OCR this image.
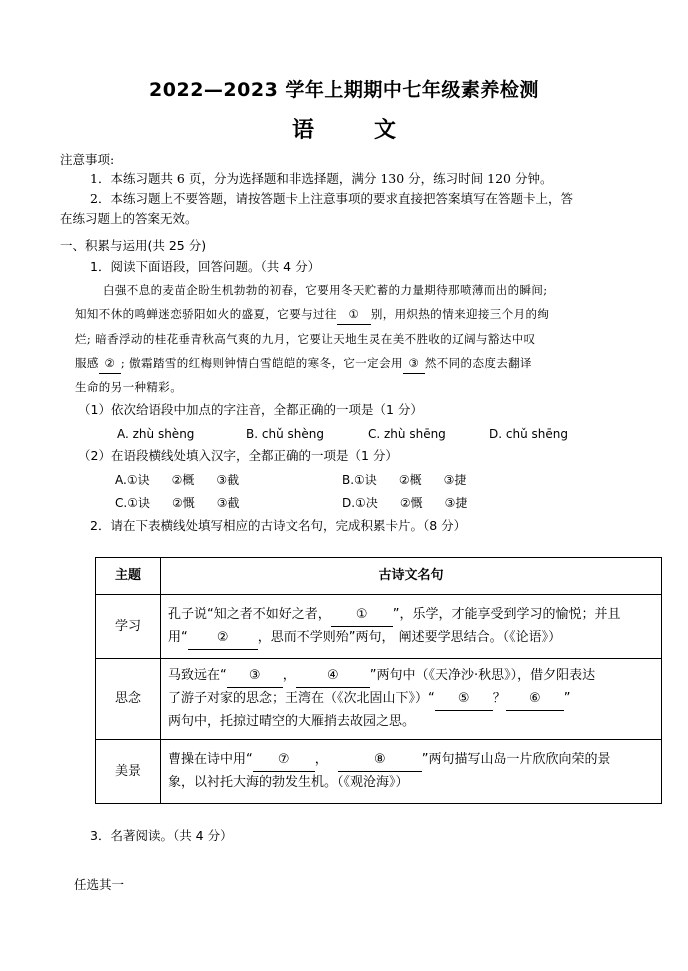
2022—2023 学年上期期中七年级素养检测
语	文
注意事项:
1．本练习题共 6 页，分为选择题和非选择题，满分 130 分，练习时间 120 分钟。
2．本练习题上不要答题，请按答题卡上注意事项的要求直接把答案填写在答题卡上，答
在练习题上的答案无效。
一、积累与运用(共 25 分)
1．阅读下面语段，回答问题。（共 4 分）
白强不息的麦苗企盼生机勃勃的初春，它要用冬天贮蓄的力量期待那喷薄而出的瞬间;
知知不休的鸣蝉迷恋骄阳如火的盛夏，它要与过往 ① 别，用炽热的情来迎接三个月的绚
烂; 暗香浮动的桂花垂青秋高气爽的九月，它要让天地生灵在美不胜收的辽阔与豁达中叹
服感 ② ; 傲霜踏雪的红梅则钟情白雪皑皑的寒冬，它一定会用 ③ 然不同的态度去翻译
生命的另一种精彩。
（1）依次给语段中加点的字注音，全都正确的一项是（1 分）
A. zhù shèng	B. chǔ shèng	C. zhù shēng	D. chǔ shēng
（2）在语段横线处填入汉字，全都正确的一项是（1 分）
A.①诀 ②概 ③截	B.①诀 ②概 ③捷
C.①诀 ②慨 ③截	D.①决 ②慨 ③捷
2．请在下表横线处填写相应的古诗文名句，完成积累卡片。（8 分）
主题	古诗文名句
学习	孔子说“知之者不如好之者， ① ”，乐学，才能享受到学习的愉悦；并且
用“ ② ，思而不学则殆”两句， 阐述要学思结合。（《论语》）
思念	马致远在“ ③ ， ④ ”两句中（《天净沙·秋思》），借夕阳表达
了游子对家的思念；王湾在（《次北固山下》）“ ⑤ ？ ⑥ ”
两句中，托掠过晴空的大雁捎去故园之思。
美景	曹操在诗中用“ ⑦ ， ⑧ ”两句描写山岛一片欣欣向荣的景
象，以衬托大海的勃发生机。（《观沧海》）
3．名著阅读。（共 4 分）
任选其一
